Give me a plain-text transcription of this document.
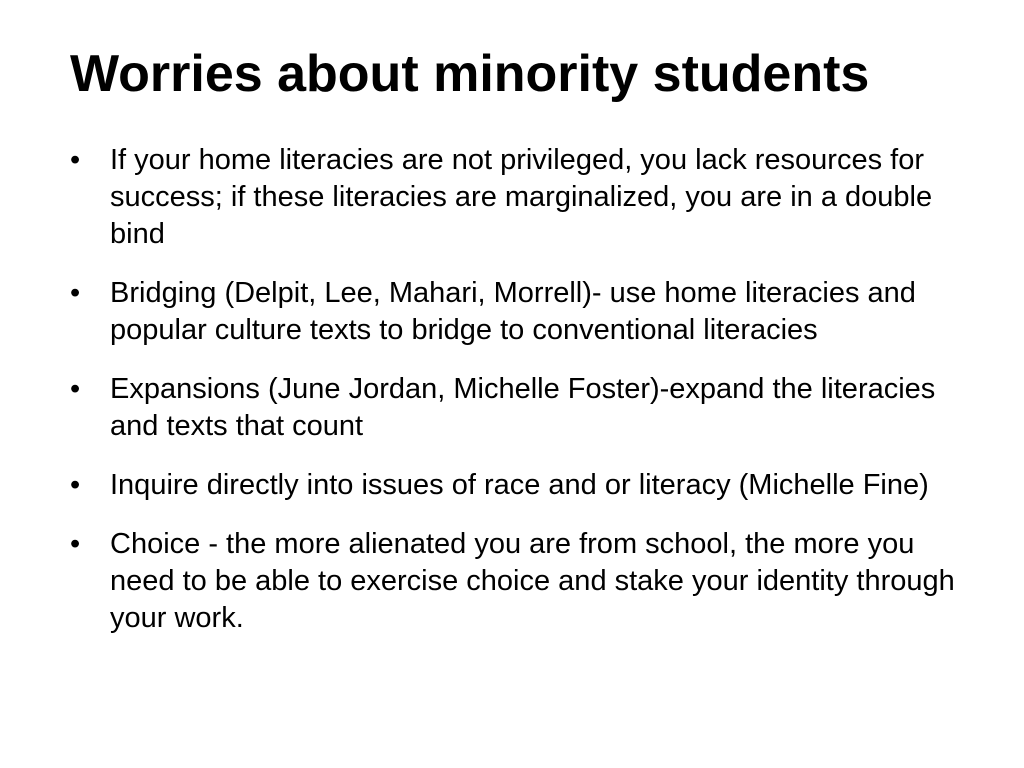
Worries about minority students
•	If your home literacies are not privileged, you lack resources for success; if these literacies are marginalized, you are in a double bind
•	Bridging (Delpit, Lee, Mahari, Morrell)- use home literacies and popular culture texts to bridge to conventional literacies
•	Expansions (June Jordan, Michelle Foster)-expand the literacies and texts that count
•	Inquire directly into issues of race and or literacy (Michelle Fine)
•	Choice - the more alienated you are from school, the more you need to be able to exercise choice and stake your identity through your work.
